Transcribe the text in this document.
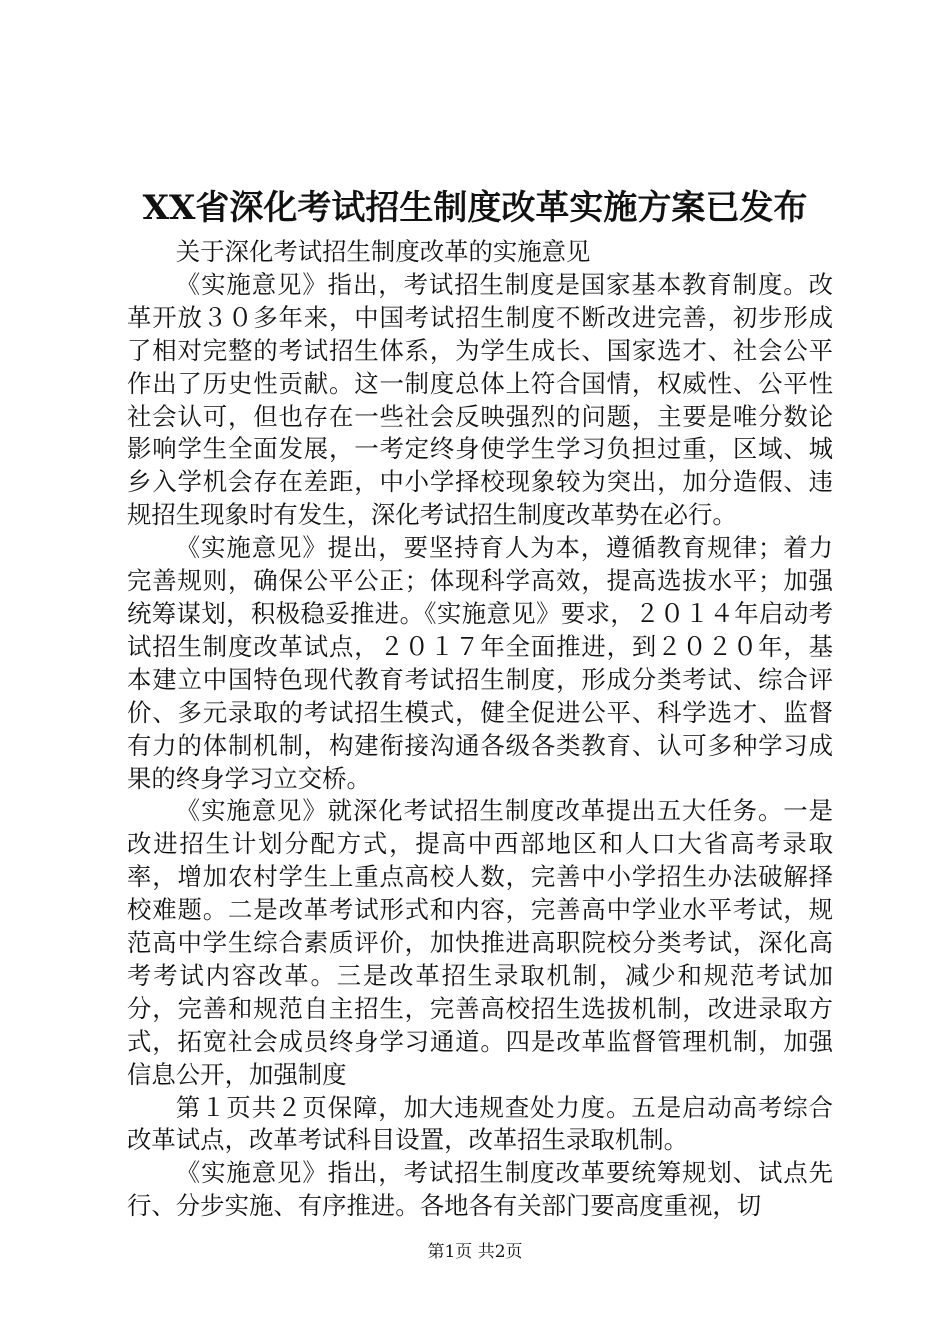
XX省深化考试招生制度改革实施方案已发布

关于深化考试招生制度改革的实施意见

《实施意见》指出，考试招生制度是国家基本教育制度。改革开放３０多年来，中国考试招生制度不断改进完善，初步形成了相对完整的考试招生体系，为学生成长、国家选才、社会公平作出了历史性贡献。这一制度总体上符合国情，权威性、公平性社会认可，但也存在一些社会反映强烈的问题，主要是唯分数论影响学生全面发展，一考定终身使学生学习负担过重，区域、城乡入学机会存在差距，中小学择校现象较为突出，加分造假、违规招生现象时有发生，深化考试招生制度改革势在必行。

《实施意见》提出，要坚持育人为本，遵循教育规律；着力完善规则，确保公平公正；体现科学高效，提高选拔水平；加强统筹谋划，积极稳妥推进。《实施意见》要求，２０１４年启动考试招生制度改革试点，２０１７年全面推进，到２０２０年，基本建立中国特色现代教育考试招生制度，形成分类考试、综合评价、多元录取的考试招生模式，健全促进公平、科学选才、监督有力的体制机制，构建衔接沟通各级各类教育、认可多种学习成果的终身学习立交桥。

《实施意见》就深化考试招生制度改革提出五大任务。一是改进招生计划分配方式，提高中西部地区和人口大省高考录取率，增加农村学生上重点高校人数，完善中小学招生办法破解择校难题。二是改革考试形式和内容，完善高中学业水平考试，规范高中学生综合素质评价，加快推进高职院校分类考试，深化高考考试内容改革。三是改革招生录取机制，减少和规范考试加分，完善和规范自主招生，完善高校招生选拔机制，改进录取方式，拓宽社会成员终身学习通道。四是改革监督管理机制，加强信息公开，加强制度

第１页共２页保障，加大违规查处力度。五是启动高考综合改革试点，改革考试科目设置，改革招生录取机制。

《实施意见》指出，考试招生制度改革要统筹规划、试点先行、分步实施、有序推进。各地各有关部门要高度重视，切

第1页 共2页
